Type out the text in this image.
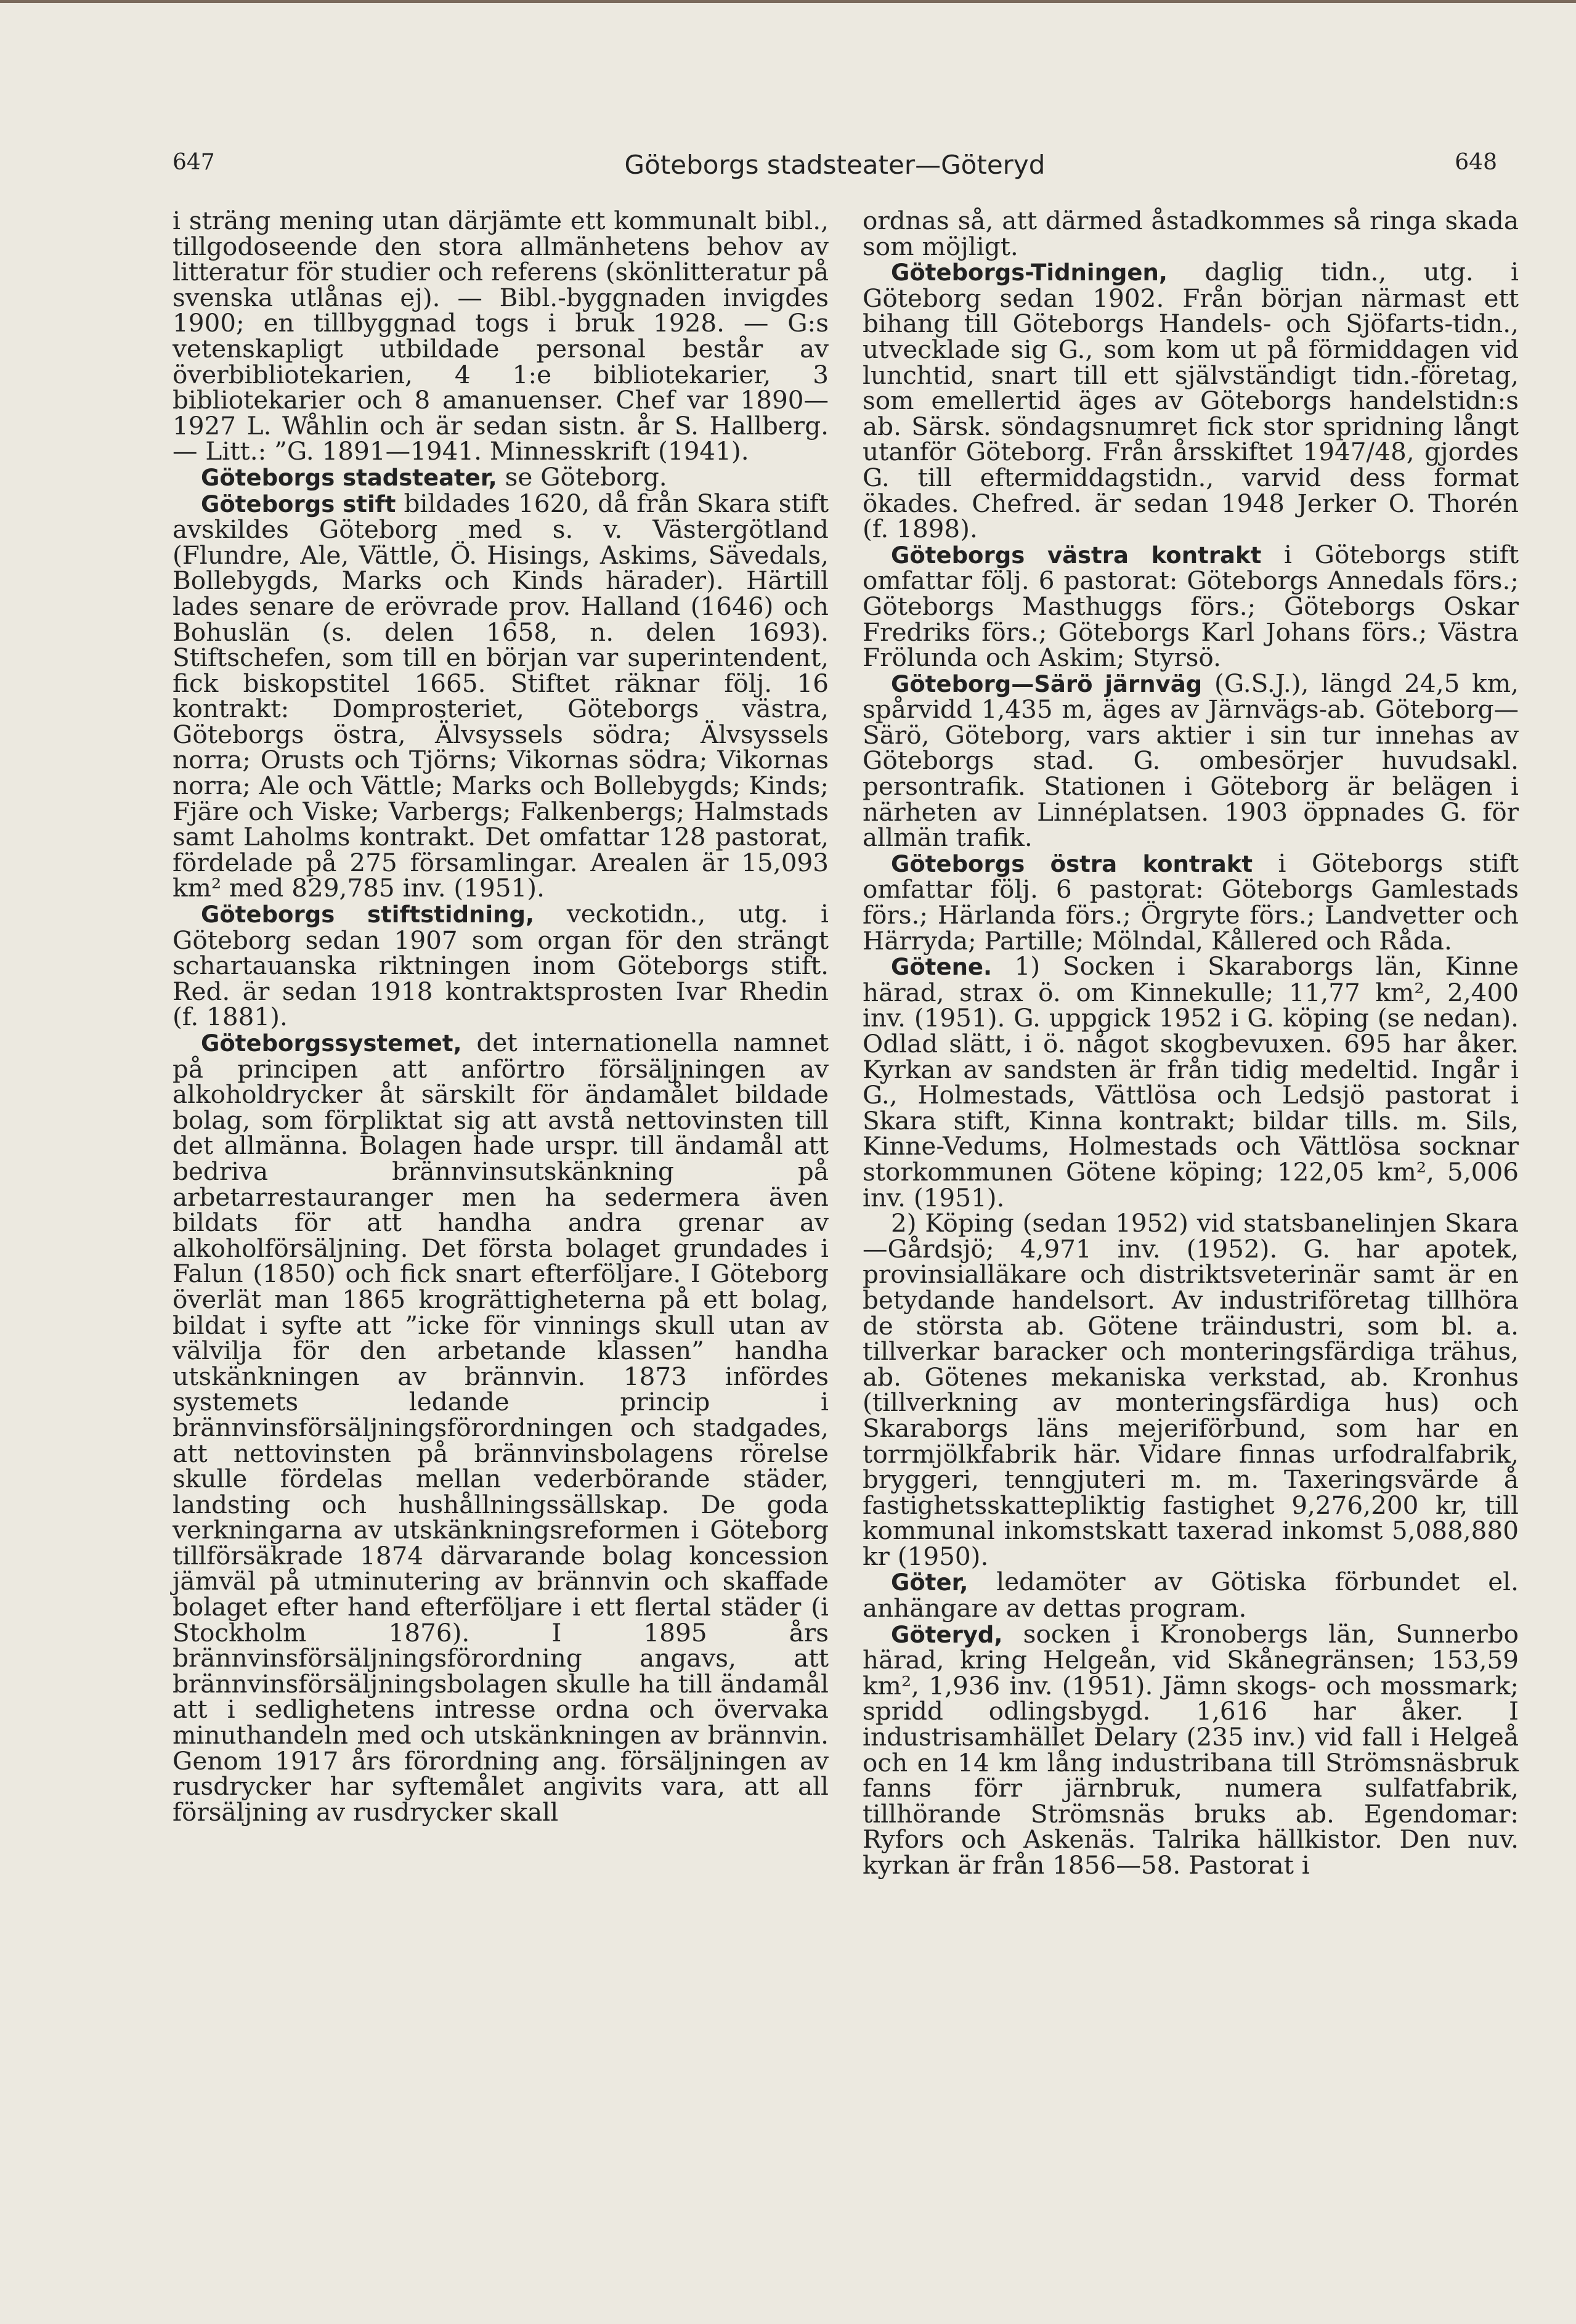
647	Göteborgs stadsteater—Göteryd	648

i sträng mening utan därjämte ett kommunalt bibl., tillgodoseende den stora allmänhetens behov av litteratur för studier och referens (skönlitteratur på svenska utlånas ej). — Bibl.-byggnaden invigdes 1900; en tillbyggnad togs i bruk 1928. — G:s vetenskapligt utbildade personal består av överbibliotekarien, 4 1:e bibliotekarier, 3 bibliotekarier och 8 amanuenser. Chef var 1890—1927 L. Wåhlin och är sedan sistn. år S. Hallberg. — Litt.: ”G. 1891—1941. Minnesskrift (1941).

Göteborgs stadsteater, se Göteborg.

Göteborgs stift bildades 1620, då från Skara stift avskildes Göteborg med s. v. Västergötland (Flundre, Ale, Vättle, Ö. Hisings, Askims, Sävedals, Bollebygds, Marks och Kinds härader). Härtill lades senare de erövrade prov. Halland (1646) och Bohuslän (s. delen 1658, n. delen 1693). Stiftschefen, som till en början var superintendent, fick biskopstitel 1665. Stiftet räknar följ. 16 kontrakt: Domprosteriet, Göteborgs västra, Göteborgs östra, Älvsyssels södra; Älvsyssels norra; Orusts och Tjörns; Vikornas södra; Vikornas norra; Ale och Vättle; Marks och Bollebygds; Kinds; Fjäre och Viske; Varbergs; Falkenbergs; Halmstads samt Laholms kontrakt. Det omfattar 128 pastorat, fördelade på 275 församlingar. Arealen är 15,093 km² med 829,785 inv. (1951).

Göteborgs stiftstidning, veckotidn., utg. i Göteborg sedan 1907 som organ för den strängt schartauanska riktningen inom Göteborgs stift. Red. är sedan 1918 kontraktsprosten Ivar Rhedin (f. 1881).

Göteborgssystemet, det internationella namnet på principen att anförtro försäljningen av alkoholdrycker åt särskilt för ändamålet bildade bolag, som förpliktat sig att avstå nettovinsten till det allmänna. Bolagen hade urspr. till ändamål att bedriva brännvinsutskänkning på arbetarrestauranger men ha sedermera även bildats för att handha andra grenar av alkoholförsäljning. Det första bolaget grundades i Falun (1850) och fick snart efterföljare. I Göteborg överlät man 1865 krogrättigheterna på ett bolag, bildat i syfte att ”icke för vinnings skull utan av välvilja för den arbetande klassen” handha utskänkningen av brännvin. 1873 infördes systemets ledande princip i brännvinsförsäljningsförordningen och stadgades, att nettovinsten på brännvinsbolagens rörelse skulle fördelas mellan vederbörande städer, landsting och hushållningssällskap. De goda verkningarna av utskänkningsreformen i Göteborg tillförsäkrade 1874 därvarande bolag koncession jämväl på utminutering av brännvin och skaffade bolaget efter hand efterföljare i ett flertal städer (i Stockholm 1876). I 1895 års brännvinsförsäljningsförordning angavs, att brännvinsförsäljningsbolagen skulle ha till ändamål att i sedlighetens intresse ordna och övervaka minuthandeln med och utskänkningen av brännvin. Genom 1917 års förordning ang. försäljningen av rusdrycker har syftemålet angivits vara, att all försäljning av rusdrycker skall

ordnas så, att därmed åstadkommes så ringa skada som möjligt.

Göteborgs-Tidningen, daglig tidn., utg. i Göteborg sedan 1902. Från början närmast ett bihang till Göteborgs Handels- och Sjöfarts-tidn., utvecklade sig G., som kom ut på förmiddagen vid lunchtid, snart till ett självständigt tidn.-företag, som emellertid äges av Göteborgs handelstidn:s ab. Särsk. söndagsnumret fick stor spridning långt utanför Göteborg. Från årsskiftet 1947/48, gjordes G. till eftermiddagstidn., varvid dess format ökades. Chefred. är sedan 1948 Jerker O. Thorén (f. 1898).

Göteborgs västra kontrakt i Göteborgs stift omfattar följ. 6 pastorat: Göteborgs Annedals förs.; Göteborgs Masthuggs förs.; Göteborgs Oskar Fredriks förs.; Göteborgs Karl Johans förs.; Västra Frölunda och Askim; Styrsö.

Göteborg—Särö järnväg (G.S.J.), längd 24,5 km, spårvidd 1,435 m, äges av Järnvägs-ab. Göteborg—Särö, Göteborg, vars aktier i sin tur innehas av Göteborgs stad. G. ombesörjer huvudsakl. persontrafik. Stationen i Göteborg är belägen i närheten av Linnéplatsen. 1903 öppnades G. för allmän trafik.

Göteborgs östra kontrakt i Göteborgs stift omfattar följ. 6 pastorat: Göteborgs Gamlestads förs.; Härlanda förs.; Örgryte förs.; Landvetter och Härryda; Partille; Mölndal, Kållered och Råda.

Götene. 1) Socken i Skaraborgs län, Kinne härad, strax ö. om Kinnekulle; 11,77 km², 2,400 inv. (1951). G. uppgick 1952 i G. köping (se nedan). Odlad slätt, i ö. något skogbevuxen. 695 har åker. Kyrkan av sandsten är från tidig medeltid. Ingår i G., Holmestads, Vättlösa och Ledsjö pastorat i Skara stift, Kinna kontrakt; bildar tills. m. Sils, Kinne-Vedums, Holmestads och Vättlösa socknar storkommunen Götene köping; 122,05 km², 5,006 inv. (1951).

2) Köping (sedan 1952) vid statsbanelinjen Skara—Gårdsjö; 4,971 inv. (1952). G. har apotek, provinsialläkare och distriktsveterinär samt är en betydande handelsort. Av industriföretag tillhöra de största ab. Götene träindustri, som bl. a. tillverkar baracker och monteringsfärdiga trähus, ab. Götenes mekaniska verkstad, ab. Kronhus (tillverkning av monteringsfärdiga hus) och Skaraborgs läns mejeriförbund, som har en torrmjölkfabrik här. Vidare finnas urfodralfabrik, bryggeri, tenngjuteri m. m. Taxeringsvärde å fastighetsskattepliktig fastighet 9,276,200 kr, till kommunal inkomstskatt taxerad inkomst 5,088,880 kr (1950).

Göter, ledamöter av Götiska förbundet el. anhängare av dettas program.

Göteryd, socken i Kronobergs län, Sunnerbo härad, kring Helgeån, vid Skånegränsen; 153,59 km², 1,936 inv. (1951). Jämn skogs- och mossmark; spridd odlingsbygd. 1,616 har åker. I industrisamhället Delary (235 inv.) vid fall i Helgeå och en 14 km lång industribana till Strömsnäsbruk fanns förr järnbruk, numera sulfatfabrik, tillhörande Strömsnäs bruks ab. Egendomar: Ryfors och Askenäs. Talrika hällkistor. Den nuv. kyrkan är från 1856—58. Pastorat i
